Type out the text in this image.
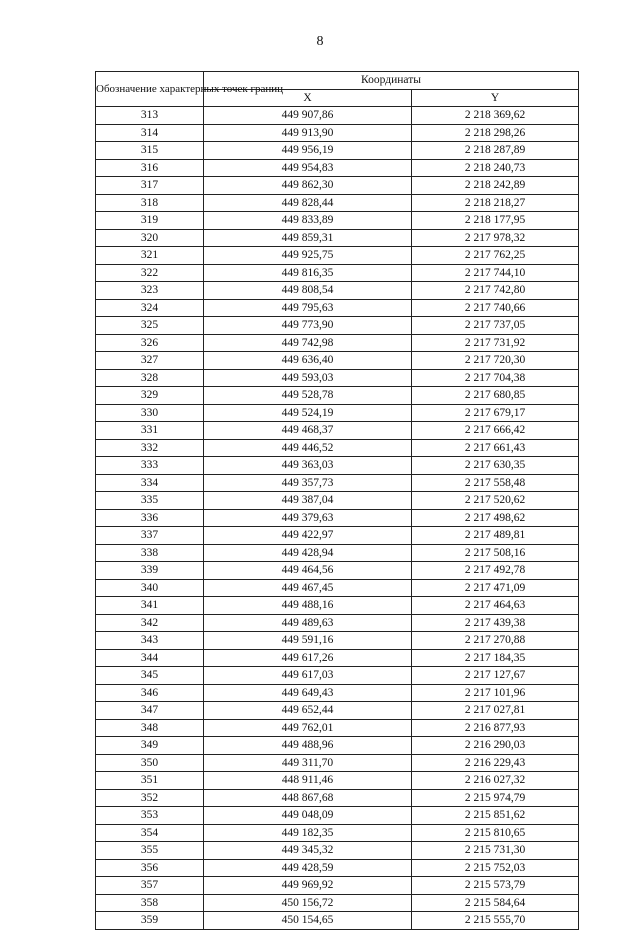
8
Обозначение характерных точек границ	Координаты	
	X	Y
313	449 907,86	2 218 369,62
314	449 913,90	2 218 298,26
315	449 956,19	2 218 287,89
316	449 954,83	2 218 240,73
317	449 862,30	2 218 242,89
318	449 828,44	2 218 218,27
319	449 833,89	2 218 177,95
320	449 859,31	2 217 978,32
321	449 925,75	2 217 762,25
322	449 816,35	2 217 744,10
323	449 808,54	2 217 742,80
324	449 795,63	2 217 740,66
325	449 773,90	2 217 737,05
326	449 742,98	2 217 731,92
327	449 636,40	2 217 720,30
328	449 593,03	2 217 704,38
329	449 528,78	2 217 680,85
330	449 524,19	2 217 679,17
331	449 468,37	2 217 666,42
332	449 446,52	2 217 661,43
333	449 363,03	2 217 630,35
334	449 357,73	2 217 558,48
335	449 387,04	2 217 520,62
336	449 379,63	2 217 498,62
337	449 422,97	2 217 489,81
338	449 428,94	2 217 508,16
339	449 464,56	2 217 492,78
340	449 467,45	2 217 471,09
341	449 488,16	2 217 464,63
342	449 489,63	2 217 439,38
343	449 591,16	2 217 270,88
344	449 617,26	2 217 184,35
345	449 617,03	2 217 127,67
346	449 649,43	2 217 101,96
347	449 652,44	2 217 027,81
348	449 762,01	2 216 877,93
349	449 488,96	2 216 290,03
350	449 311,70	2 216 229,43
351	448 911,46	2 216 027,32
352	448 867,68	2 215 974,79
353	449 048,09	2 215 851,62
354	449 182,35	2 215 810,65
355	449 345,32	2 215 731,30
356	449 428,59	2 215 752,03
357	449 969,92	2 215 573,79
358	450 156,72	2 215 584,64
359	450 154,65	2 215 555,70
